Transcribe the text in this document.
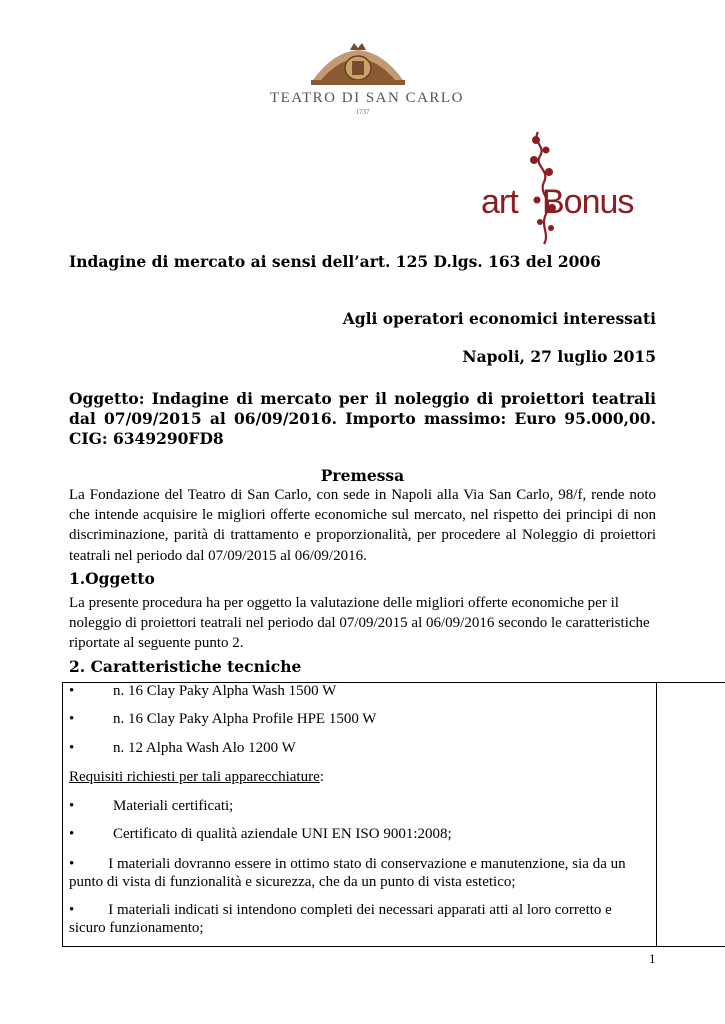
TEATRO DI SAN CARLO
1737
art Bonus
Indagine di mercato ai sensi dell’art. 125 D.lgs. 163 del 2006
Agli operatori economici interessati
Napoli, 27 luglio 2015
Oggetto: Indagine di mercato per il noleggio di proiettori teatrali dal 07/09/2015 al 06/09/2016. Importo massimo: Euro 95.000,00. CIG: 6349290FD8
Premessa
La Fondazione del Teatro di San Carlo, con sede in Napoli alla Via San Carlo, 98/f, rende noto che intende acquisire le migliori offerte economiche sul mercato, nel rispetto dei principi di non discriminazione, parità di trattamento e proporzionalità, per procedere al Noleggio di proiettori teatrali nel periodo dal 07/09/2015 al 06/09/2016.
1.Oggetto
La presente procedura ha per oggetto la valutazione delle migliori offerte economiche per il noleggio di proiettori teatrali nel periodo dal 07/09/2015 al 06/09/2016 secondo le caratteristiche riportate al seguente punto 2.
2. Caratteristiche tecniche
•	n. 16 Clay Paky Alpha Wash 1500 W
•	n. 16 Clay Paky Alpha Profile HPE 1500 W
•	n. 12 Alpha Wash Alo 1200 W
Requisiti richiesti per tali apparecchiature:
•	Materiali certificati;
•	Certificato di qualità aziendale UNI EN ISO 9001:2008;
• I materiali dovranno essere in ottimo stato di conservazione e manutenzione, sia da un punto di vista di funzionalità e sicurezza, che da un punto di vista estetico;
• I materiali indicati si intendono completi dei necessari apparati atti al loro corretto e sicuro funzionamento;
1
